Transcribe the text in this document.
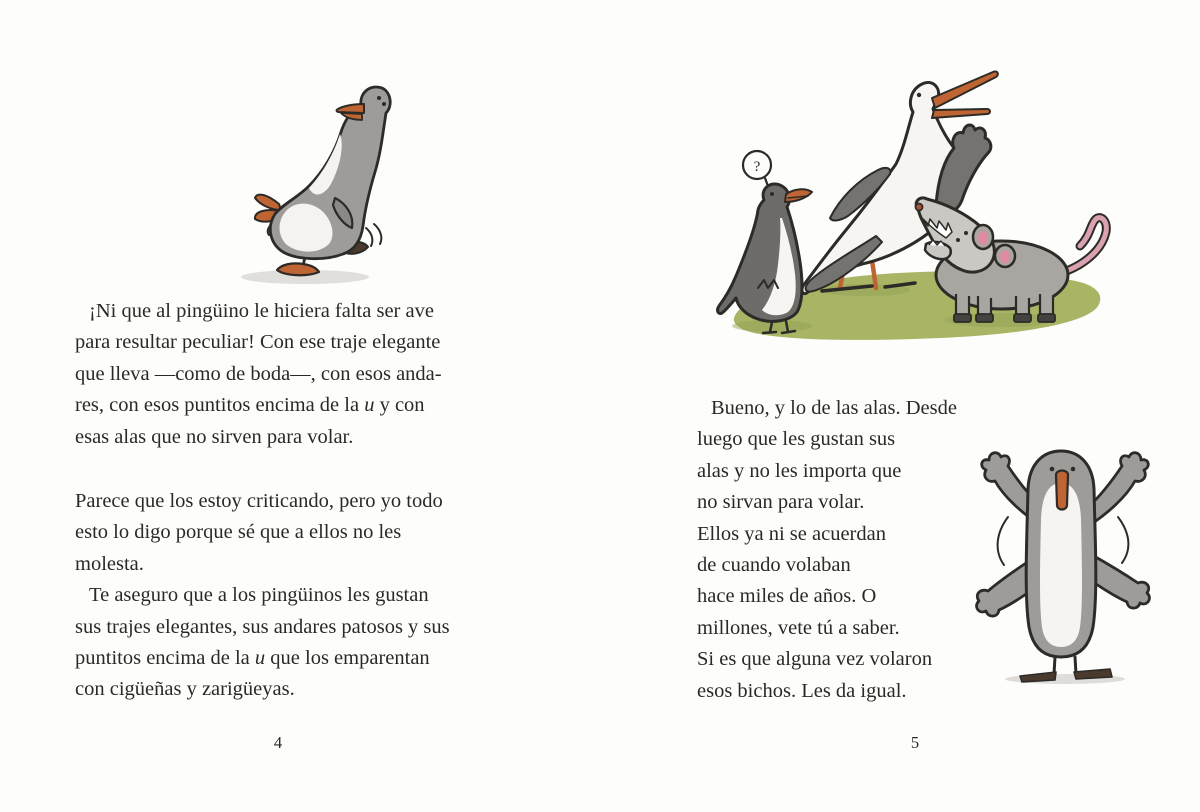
¡Ni que al pingüino le hiciera falta ser ave
para resultar peculiar! Con ese traje elegante
que lleva —como de boda—, con esos anda-
res, con esos puntitos encima de la u y con
esas alas que no sirven para volar.
Parece que los estoy criticando, pero yo todo
esto lo digo porque sé que a ellos no les
molesta.
Te aseguro que a los pingüinos les gustan
sus trajes elegantes, sus andares patosos y sus
puntitos encima de la u que los emparentan
con cigüeñas y zarigüeyas.
4
?
Bueno, y lo de las alas. Desde
luego que les gustan sus
alas y no les importa que
no sirvan para volar.
Ellos ya ni se acuerdan
de cuando volaban
hace miles de años. O
millones, vete tú a saber.
Si es que alguna vez volaron
esos bichos. Les da igual.
5
